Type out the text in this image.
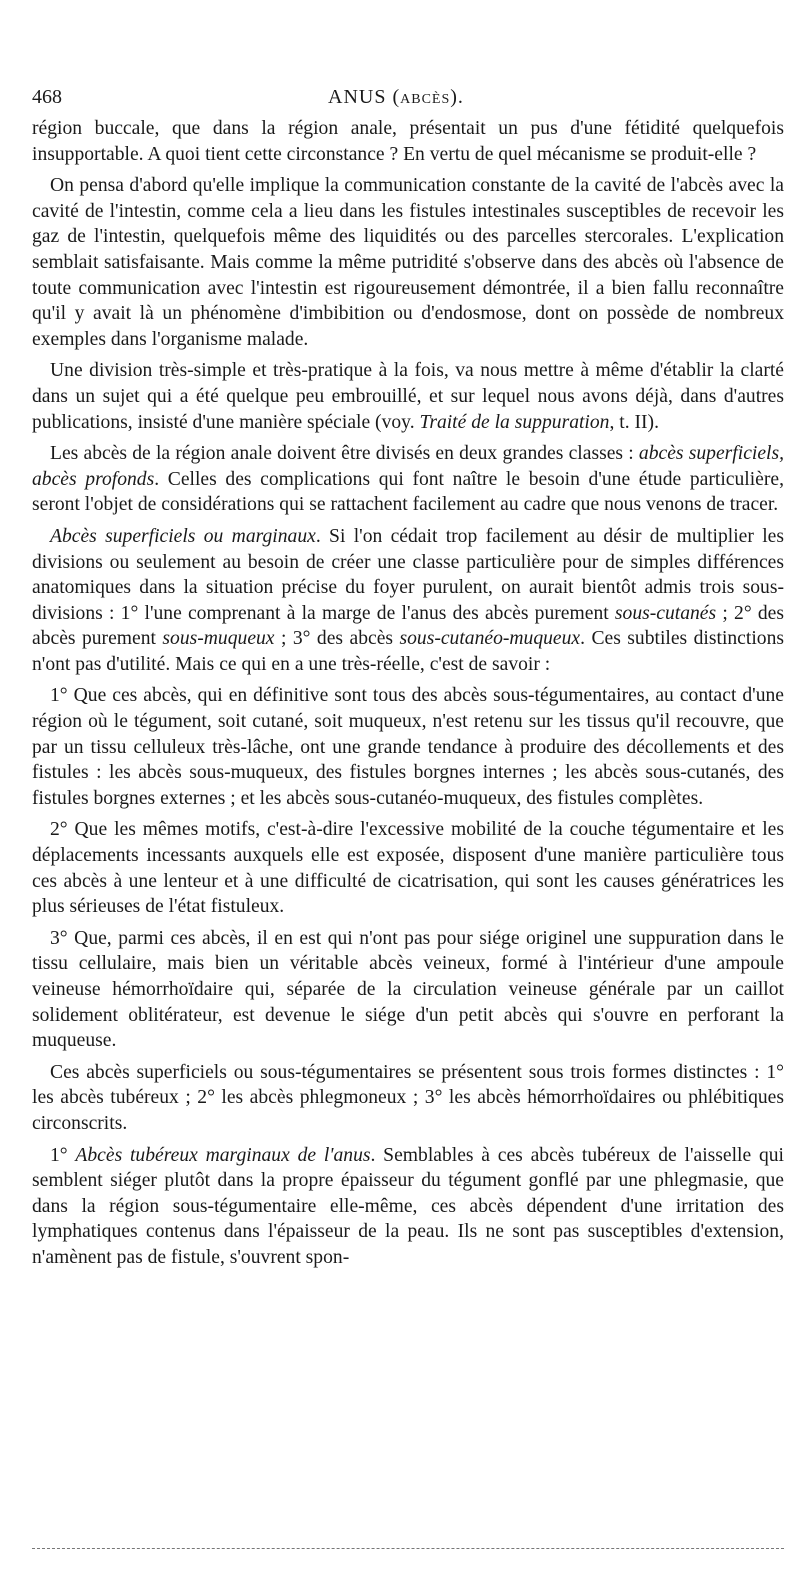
468	ANUS (ABCÈS).

région buccale, que dans la région anale, présentait un pus d'une fétidité quelquefois insupportable. A quoi tient cette circonstance ? En vertu de quel mécanisme se produit-elle ?

On pensa d'abord qu'elle implique la communication constante de la cavité de l'abcès avec la cavité de l'intestin, comme cela a lieu dans les fistules intestinales susceptibles de recevoir les gaz de l'intestin, quelquefois même des liquidités ou des parcelles stercorales. L'explication semblait satisfaisante. Mais comme la même putridité s'observe dans des abcès où l'absence de toute communication avec l'intestin est rigoureusement démontrée, il a bien fallu reconnaître qu'il y avait là un phénomène d'imbibition ou d'endosmose, dont on possède de nombreux exemples dans l'organisme malade.

Une division très-simple et très-pratique à la fois, va nous mettre à même d'établir la clarté dans un sujet qui a été quelque peu embrouillé, et sur lequel nous avons déjà, dans d'autres publications, insisté d'une manière spéciale (voy. Traité de la suppuration, t. II).

Les abcès de la région anale doivent être divisés en deux grandes classes : abcès superficiels, abcès profonds. Celles des complications qui font naître le besoin d'une étude particulière, seront l'objet de considérations qui se rattachent facilement au cadre que nous venons de tracer.

Abcès superficiels ou marginaux. Si l'on cédait trop facilement au désir de multiplier les divisions ou seulement au besoin de créer une classe particulière pour de simples différences anatomiques dans la situation précise du foyer purulent, on aurait bientôt admis trois sous-divisions : 1° l'une comprenant à la marge de l'anus des abcès purement sous-cutanés ; 2° des abcès purement sous-muqueux ; 3° des abcès sous-cutanéo-muqueux. Ces subtiles distinctions n'ont pas d'utilité. Mais ce qui en a une très-réelle, c'est de savoir :

1° Que ces abcès, qui en définitive sont tous des abcès sous-tégumentaires, au contact d'une région où le tégument, soit cutané, soit muqueux, n'est retenu sur les tissus qu'il recouvre, que par un tissu celluleux très-lâche, ont une grande tendance à produire des décollements et des fistules : les abcès sous-muqueux, des fistules borgnes internes ; les abcès sous-cutanés, des fistules borgnes externes ; et les abcès sous-cutanéo-muqueux, des fistules complètes.

2° Que les mêmes motifs, c'est-à-dire l'excessive mobilité de la couche tégumentaire et les déplacements incessants auxquels elle est exposée, disposent d'une manière particulière tous ces abcès à une lenteur et à une difficulté de cicatrisation, qui sont les causes génératrices les plus sérieuses de l'état fistuleux.

3° Que, parmi ces abcès, il en est qui n'ont pas pour siége originel une suppuration dans le tissu cellulaire, mais bien un véritable abcès veineux, formé à l'intérieur d'une ampoule veineuse hémorrhoïdaire qui, séparée de la circulation veineuse générale par un caillot solidement oblitérateur, est devenue le siége d'un petit abcès qui s'ouvre en perforant la muqueuse.

Ces abcès superficiels ou sous-tégumentaires se présentent sous trois formes distinctes : 1° les abcès tubéreux ; 2° les abcès phlegmoneux ; 3° les abcès hémorrhoïdaires ou phlébitiques circonscrits.

1° Abcès tubéreux marginaux de l'anus. Semblables à ces abcès tubéreux de l'aisselle qui semblent siéger plutôt dans la propre épaisseur du tégument gonflé par une phlegmasie, que dans la région sous-tégumentaire elle-même, ces abcès dépendent d'une irritation des lymphatiques contenus dans l'épaisseur de la peau. Ils ne sont pas susceptibles d'extension, n'amènent pas de fistule, s'ouvrent spon-
